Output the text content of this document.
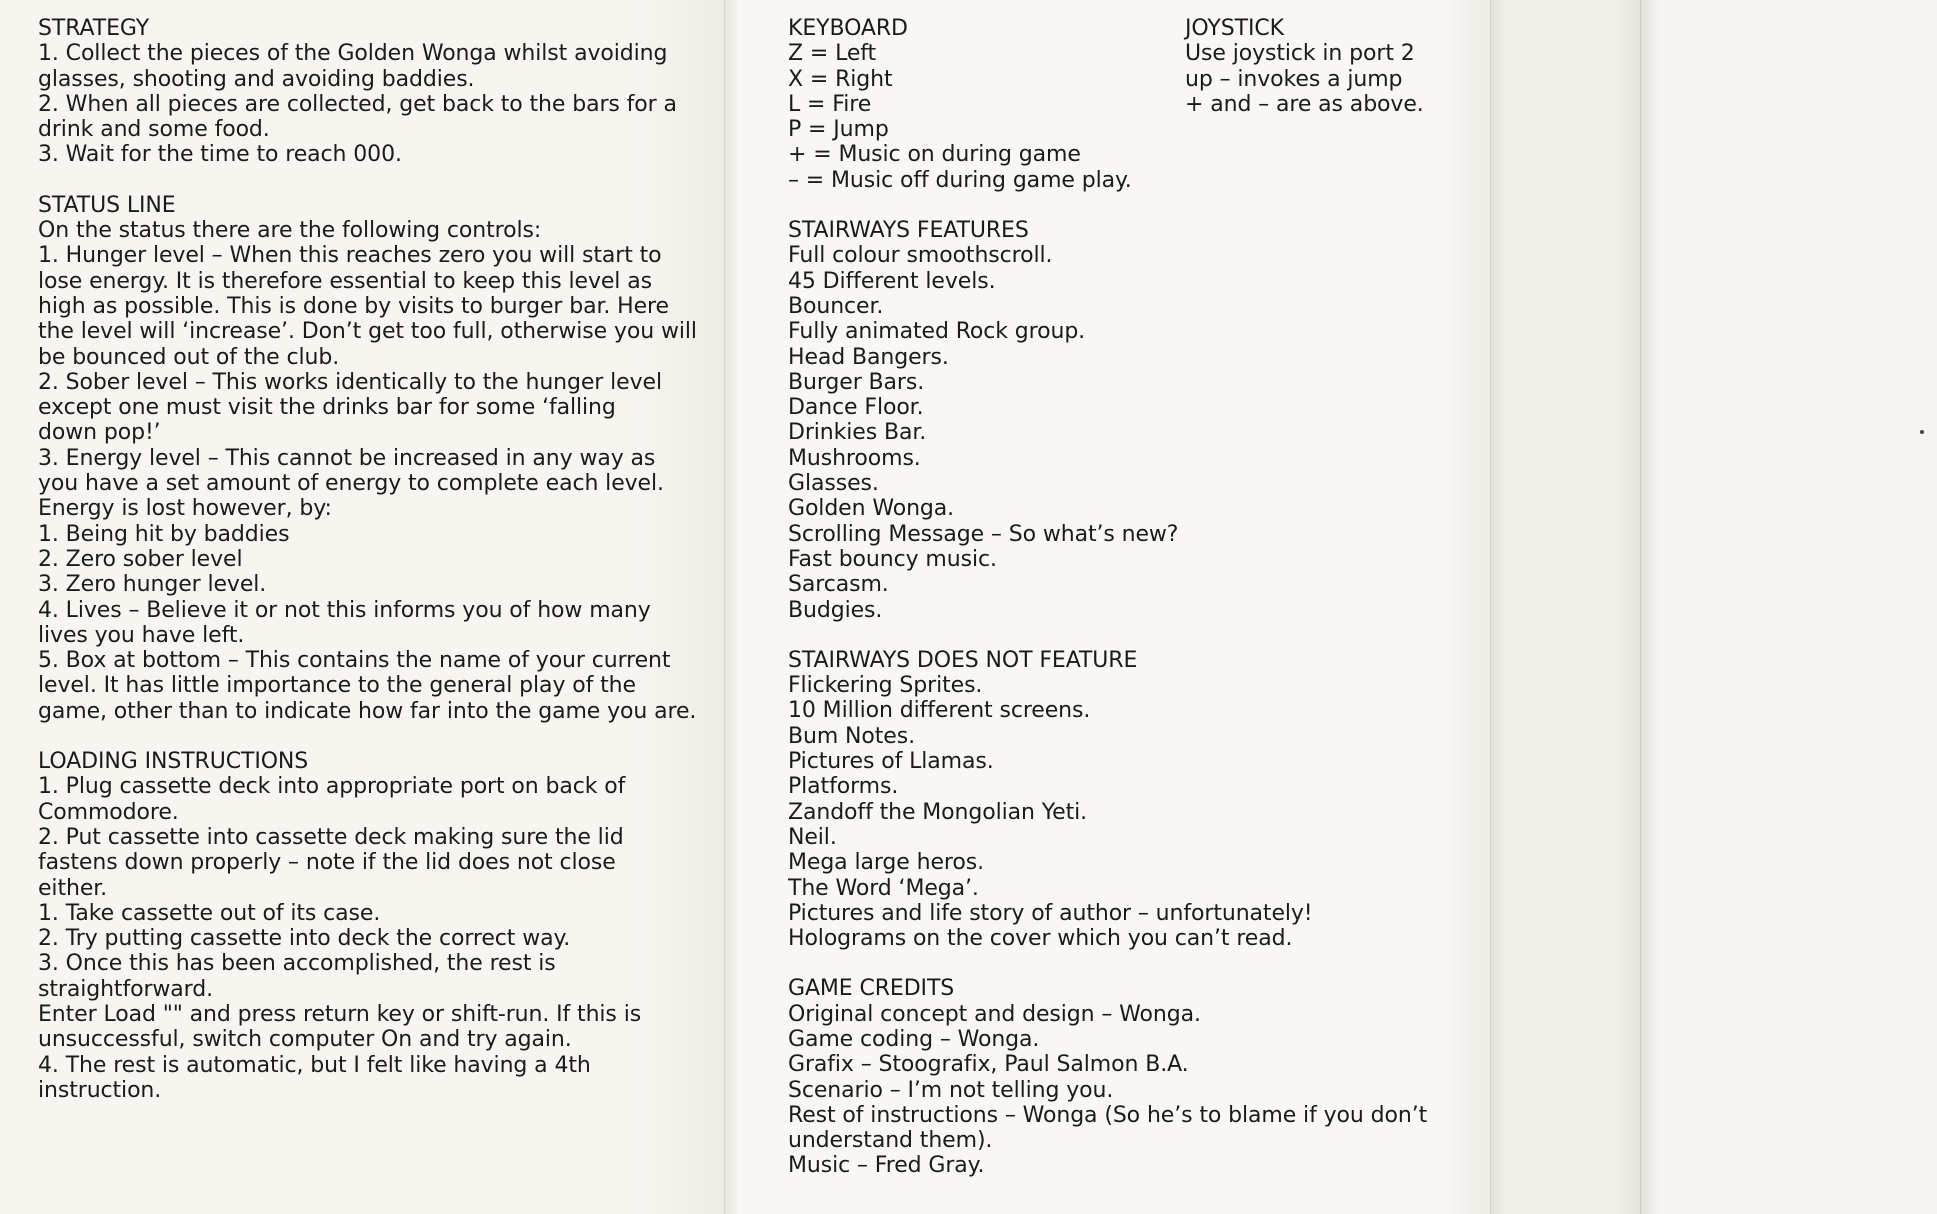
STRATEGY
1. Collect the pieces of the Golden Wonga whilst avoiding
glasses, shooting and avoiding baddies.
2. When all pieces are collected, get back to the bars for a
drink and some food.
3. Wait for the time to reach 000.
STATUS LINE
On the status there are the following controls:
1. Hunger level – When this reaches zero you will start to
lose energy. It is therefore essential to keep this level as
high as possible. This is done by visits to burger bar. Here
the level will ‘increase’. Don’t get too full, otherwise you will
be bounced out of the club.
2. Sober level – This works identically to the hunger level
except one must visit the drinks bar for some ‘falling
down pop!’
3. Energy level – This cannot be increased in any way as
you have a set amount of energy to complete each level.
Energy is lost however, by:
1. Being hit by baddies
2. Zero sober level
3. Zero hunger level.
4. Lives – Believe it or not this informs you of how many
lives you have left.
5. Box at bottom – This contains the name of your current
level. It has little importance to the general play of the
game, other than to indicate how far into the game you are.
LOADING INSTRUCTIONS
1. Plug cassette deck into appropriate port on back of
Commodore.
2. Put cassette into cassette deck making sure the lid
fastens down properly – note if the lid does not close
either.
1. Take cassette out of its case.
2. Try putting cassette into deck the correct way.
3. Once this has been accomplished, the rest is
straightforward.
Enter Load "" and press return key or shift-run. If this is
unsuccessful, switch computer On and try again.
4. The rest is automatic, but I felt like having a 4th
instruction.
KEYBOARD
Z = Left
X = Right
L = Fire
P = Jump
+ = Music on during game
– = Music off during game play.
STAIRWAYS FEATURES
Full colour smoothscroll.
45 Different levels.
Bouncer.
Fully animated Rock group.
Head Bangers.
Burger Bars.
Dance Floor.
Drinkies Bar.
Mushrooms.
Glasses.
Golden Wonga.
Scrolling Message – So what’s new?
Fast bouncy music.
Sarcasm.
Budgies.
STAIRWAYS DOES NOT FEATURE
Flickering Sprites.
10 Million different screens.
Bum Notes.
Pictures of Llamas.
Platforms.
Zandoff the Mongolian Yeti.
Neil.
Mega large heros.
The Word ‘Mega’.
Pictures and life story of author – unfortunately!
Holograms on the cover which you can’t read.
GAME CREDITS
Original concept and design – Wonga.
Game coding – Wonga.
Grafix – Stoografix, Paul Salmon B.A.
Scenario – I’m not telling you.
Rest of instructions – Wonga (So he’s to blame if you don’t
understand them).
Music – Fred Gray.
JOYSTICK
Use joystick in port 2
up – invokes a jump
+ and – are as above.
